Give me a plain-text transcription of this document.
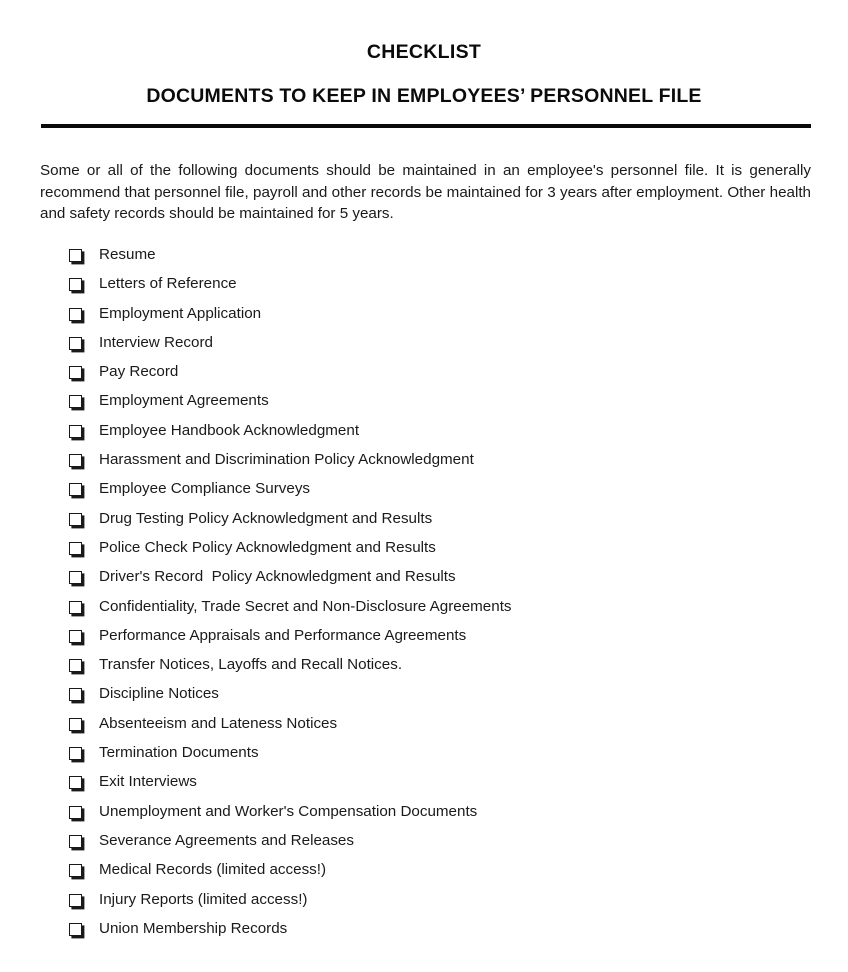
CHECKLIST
DOCUMENTS TO KEEP IN EMPLOYEES’ PERSONNEL FILE

Some or all of the following documents should be maintained in an employee's personnel file. It is generally recommend that personnel file, payroll and other records be maintained for 3 years after employment. Other health and safety records should be maintained for 5 years.

Resume
Letters of Reference
Employment Application
Interview Record
Pay Record
Employment Agreements
Employee Handbook Acknowledgment
Harassment and Discrimination Policy Acknowledgment
Employee Compliance Surveys
Drug Testing Policy Acknowledgment and Results
Police Check Policy Acknowledgment and Results
Driver's Record  Policy Acknowledgment and Results
Confidentiality, Trade Secret and Non-Disclosure Agreements
Performance Appraisals and Performance Agreements
Transfer Notices, Layoffs and Recall Notices.
Discipline Notices
Absenteeism and Lateness Notices
Termination Documents
Exit Interviews
Unemployment and Worker's Compensation Documents
Severance Agreements and Releases
Medical Records (limited access!)
Injury Reports (limited access!)
Union Membership Records
